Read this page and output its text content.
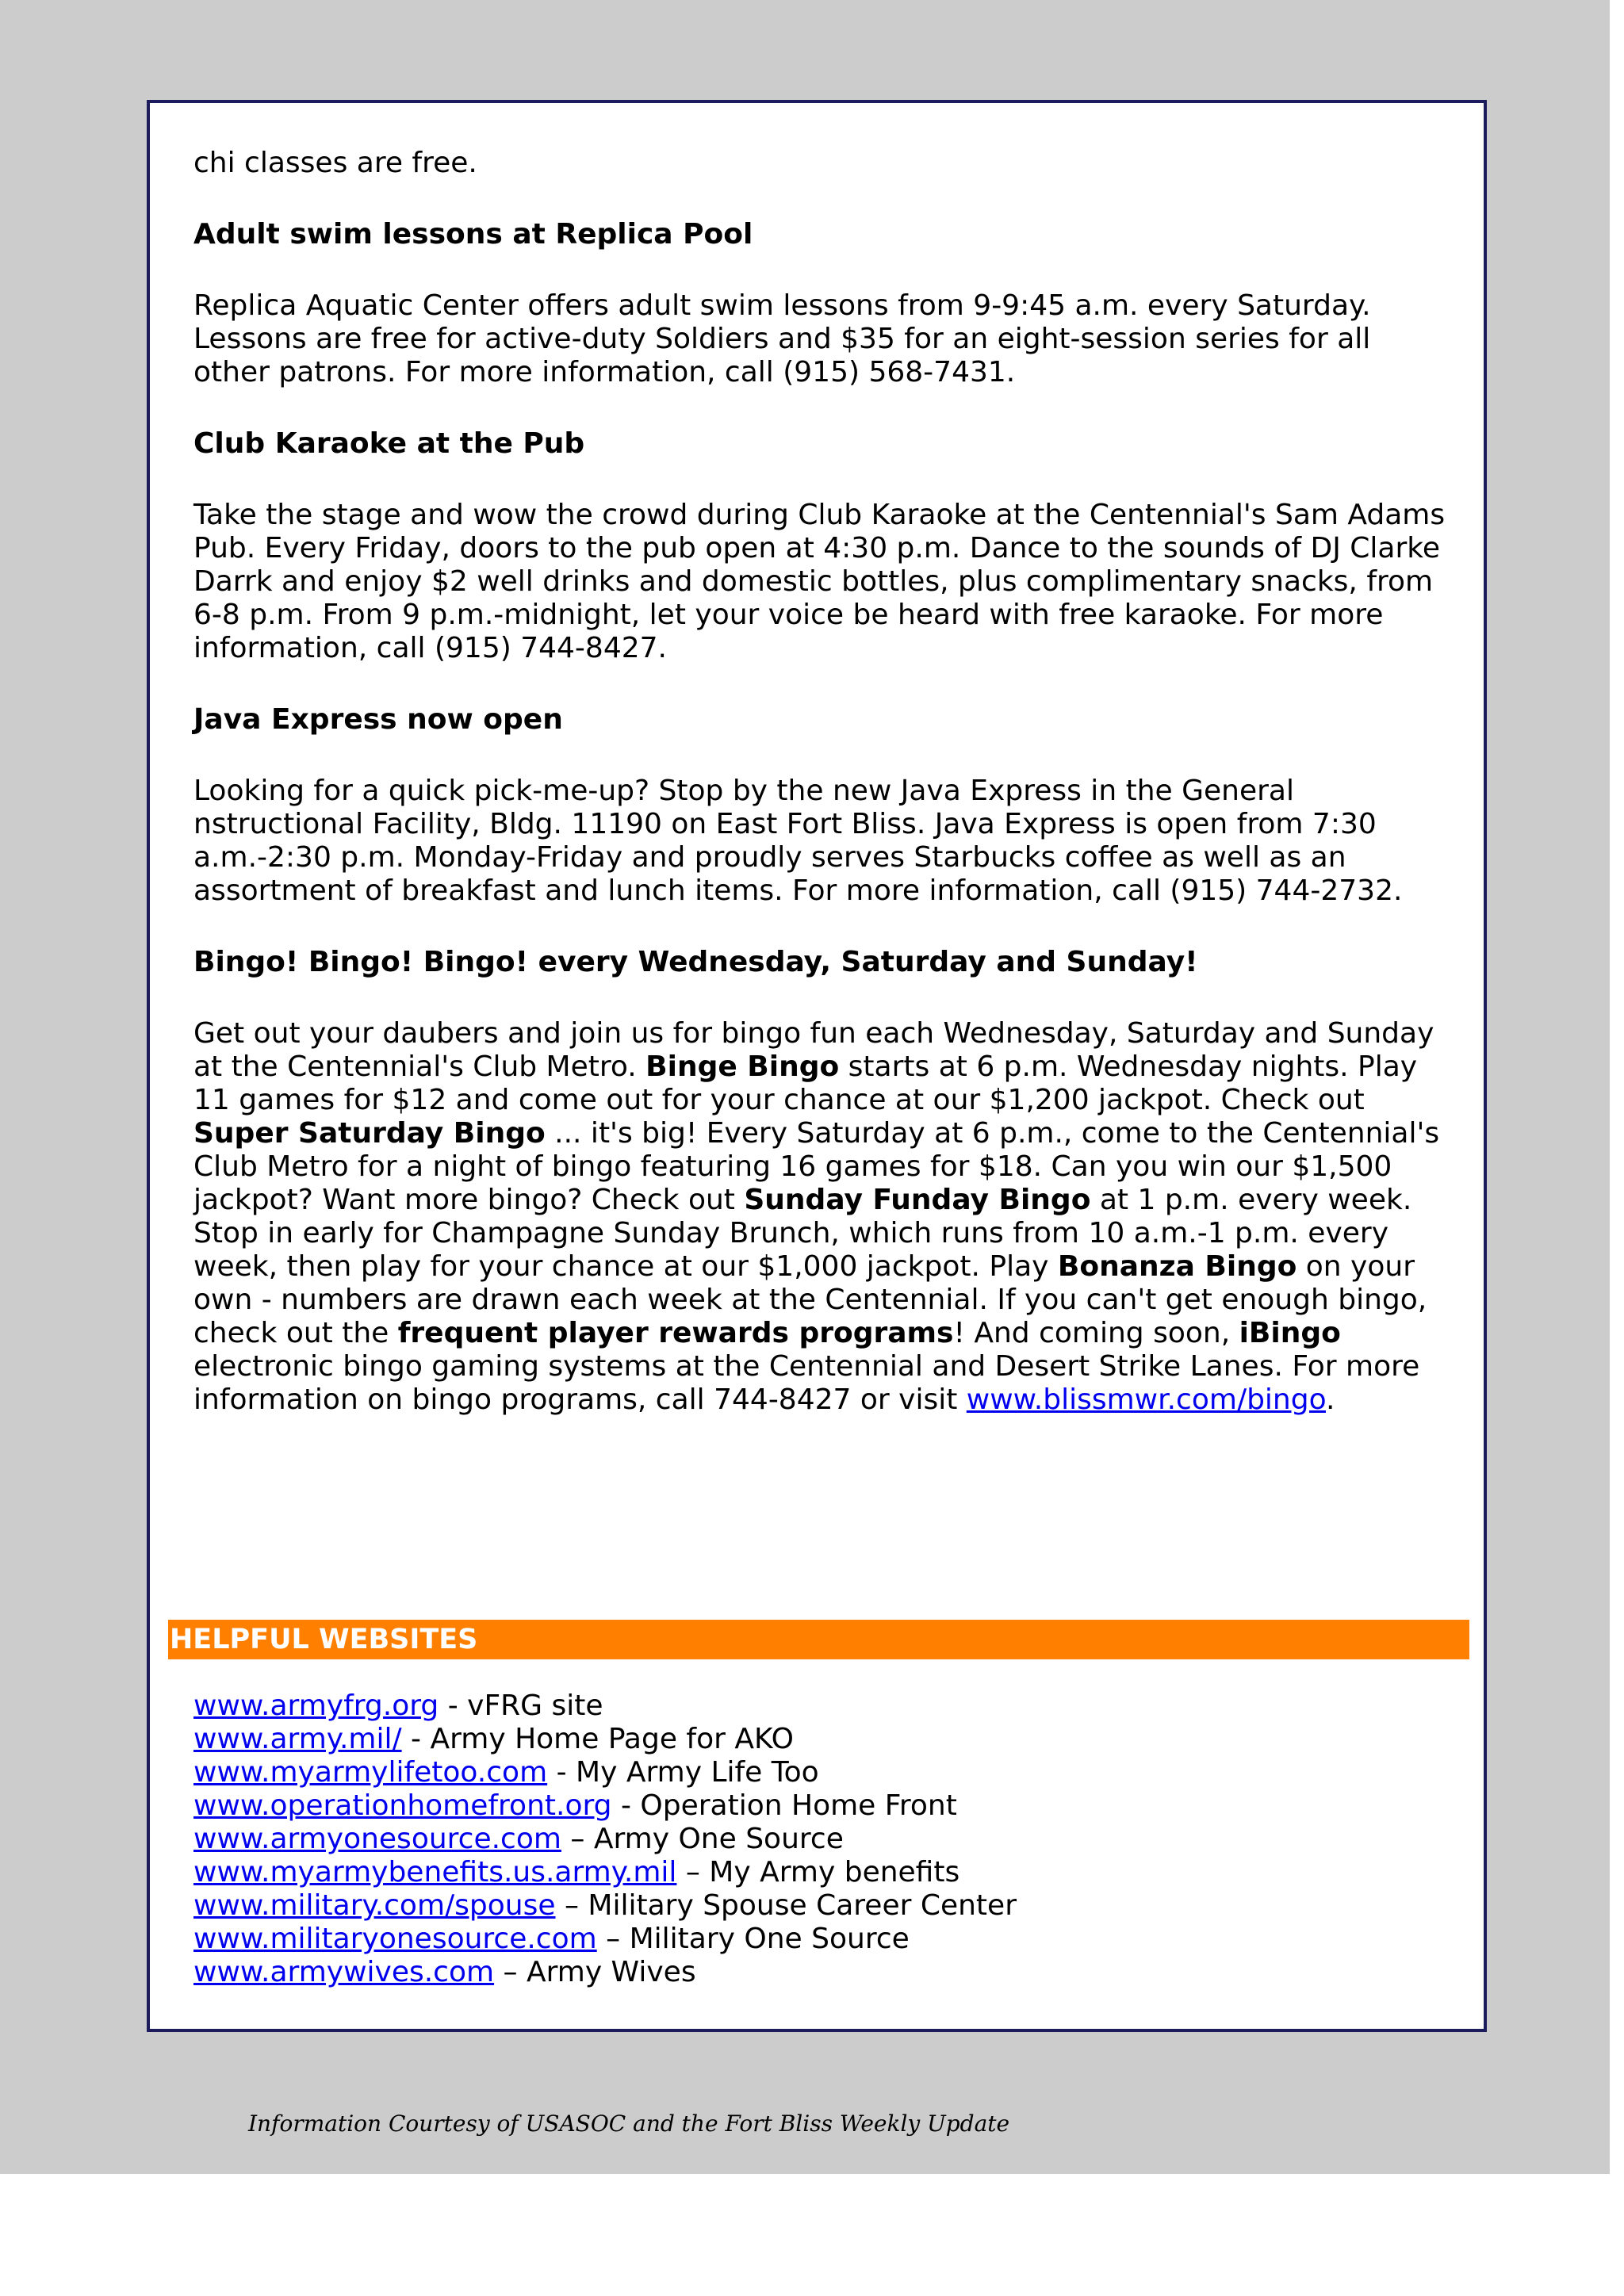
chi classes are free.

Adult swim lessons at Replica Pool

Replica Aquatic Center offers adult swim lessons from 9-9:45 a.m. every Saturday. Lessons are free for active-duty Soldiers and $35 for an eight-session series for all other patrons. For more information, call (915) 568-7431.

Club Karaoke at the Pub

Take the stage and wow the crowd during Club Karaoke at the Centennial's Sam Adams Pub. Every Friday, doors to the pub open at 4:30 p.m. Dance to the sounds of DJ Clarke Darrk and enjoy $2 well drinks and domestic bottles, plus complimentary snacks, from 6-8 p.m. From 9 p.m.-midnight, let your voice be heard with free karaoke. For more information, call (915) 744-8427.

Java Express now open

Looking for a quick pick-me-up? Stop by the new Java Express in the General nstructional Facility, Bldg. 11190 on East Fort Bliss. Java Express is open from 7:30 a.m.-2:30 p.m. Monday-Friday and proudly serves Starbucks coffee as well as an assortment of breakfast and lunch items. For more information, call (915) 744-2732.

Bingo! Bingo! Bingo! every Wednesday, Saturday and Sunday!

Get out your daubers and join us for bingo fun each Wednesday, Saturday and Sunday at the Centennial's Club Metro. Binge Bingo starts at 6 p.m. Wednesday nights. Play 11 games for $12 and come out for your chance at our $1,200 jackpot. Check out Super Saturday Bingo ... it's big! Every Saturday at 6 p.m., come to the Centennial's Club Metro for a night of bingo featuring 16 games for $18. Can you win our $1,500 jackpot? Want more bingo? Check out Sunday Funday Bingo at 1 p.m. every week. Stop in early for Champagne Sunday Brunch, which runs from 10 a.m.-1 p.m. every week, then play for your chance at our $1,000 jackpot. Play Bonanza Bingo on your own - numbers are drawn each week at the Centennial. If you can't get enough bingo, check out the frequent player rewards programs! And coming soon, iBingo electronic bingo gaming systems at the Centennial and Desert Strike Lanes. For more information on bingo programs, call 744-8427 or visit www.blissmwr.com/bingo.

HELPFUL WEBSITES
www.armyfrg.org - vFRG site
www.army.mil/ - Army Home Page for AKO
www.myarmylifetoo.com - My Army Life Too
www.operationhomefront.org - Operation Home Front
www.armyonesource.com – Army One Source
www.myarmybenefits.us.army.mil – My Army benefits
www.military.com/spouse – Military Spouse Career Center
www.militaryonesource.com – Military One Source
www.armywives.com – Army Wives
Information Courtesy of USASOC and the Fort Bliss Weekly Update
